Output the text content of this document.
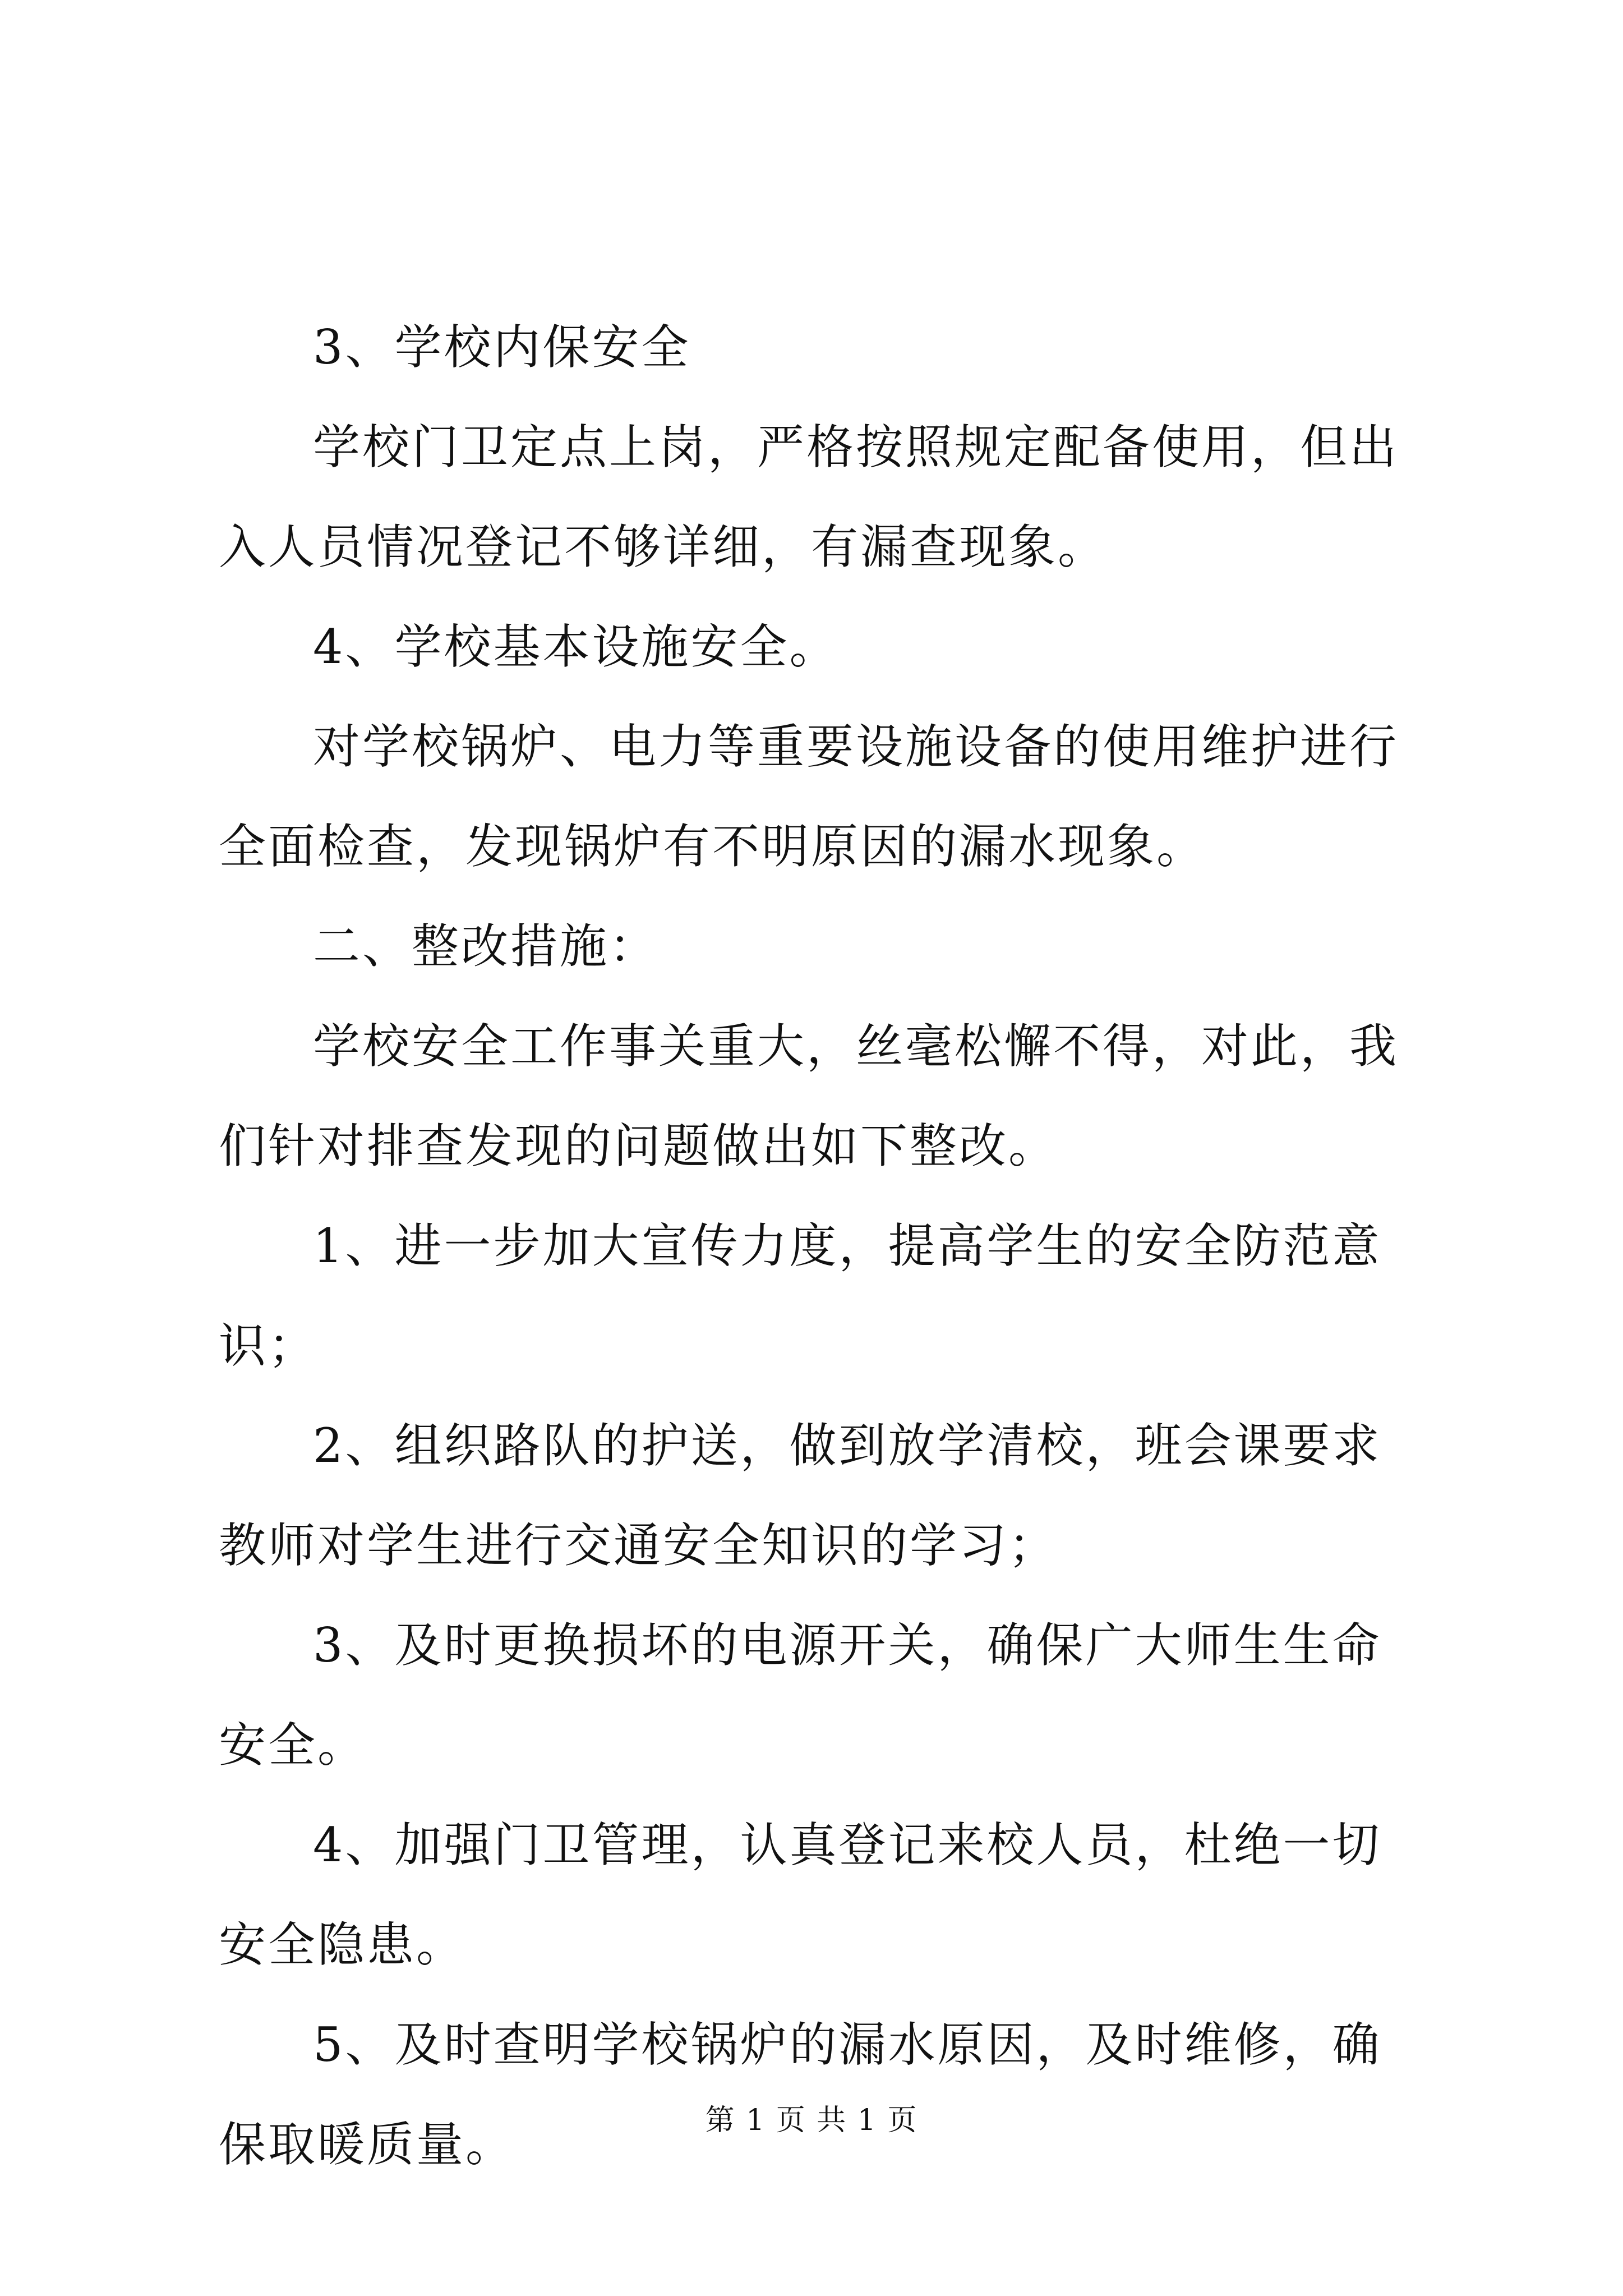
3、学校内保安全

学校门卫定点上岗，严格按照规定配备使用，但出入人员情况登记不够详细，有漏查现象。

4、学校基本设施安全。

对学校锅炉、电力等重要设施设备的使用维护进行全面检查，发现锅炉有不明原因的漏水现象。

二、整改措施：

学校安全工作事关重大，丝毫松懈不得，对此，我们针对排查发现的问题做出如下整改。

1、进一步加大宣传力度，提高学生的安全防范意识；

2、组织路队的护送，做到放学清校，班会课要求教师对学生进行交通安全知识的学习；

3、及时更换损坏的电源开关，确保广大师生生命安全。

4、加强门卫管理，认真登记来校人员，杜绝一切安全隐患。

5、及时查明学校锅炉的漏水原因，及时维修，确保取暖质量。	第 1 页 共 1 页
